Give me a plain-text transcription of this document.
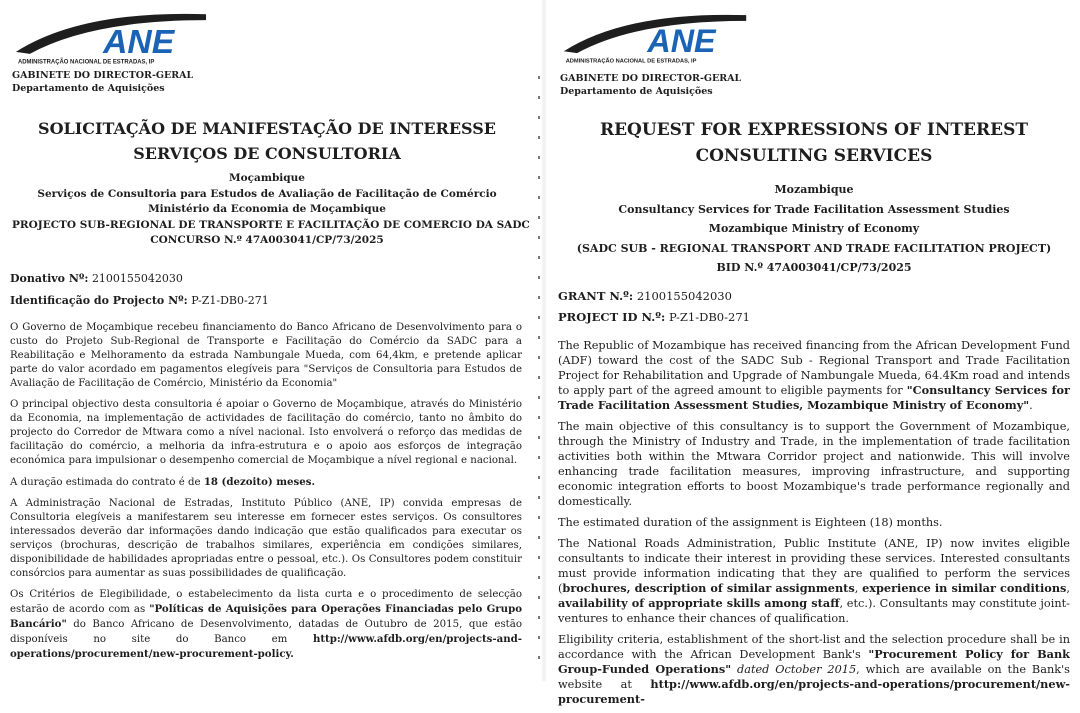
ANE
ADMINISTRAÇÃO NACIONAL DE ESTRADAS, IP
GABINETE DO DIRECTOR-GERAL
Departamento de Aquisições
SOLICITAÇÃO DE MANIFESTAÇÃO DE INTERESSE
SERVIÇOS DE CONSULTORIA
Moçambique
Serviços de Consultoria para Estudos de Avaliação de Facilitação de Comércio
Ministério da Economia de Moçambique
PROJECTO SUB-REGIONAL DE TRANSPORTE E FACILITAÇÃO DE COMERCIO DA SADC
CONCURSO N.º 47A003041/CP/73/2025
Donativo Nº: 2100155042030
Identificação do Projecto Nº: P-Z1-DB0-271

O Governo de Moçambique recebeu financiamento do Banco Africano de Desenvolvimento para o custo do Projeto Sub-Regional de Transporte e Facilitação do Comércio da SADC para a Reabilitação e Melhoramento da estrada Nambungale Mueda, com 64,4km, e pretende aplicar parte do valor acordado em pagamentos elegíveis para "Serviços de Consultoria para Estudos de Avaliação de Facilitação de Comércio, Ministério da Economia"

O principal objectivo desta consultoria é apoiar o Governo de Moçambique, através do Ministério da Economia, na implementação de actividades de facilitação do comércio, tanto no âmbito do projecto do Corredor de Mtwara como a nível nacional. Isto envolverá o reforço das medidas de facilitação do comércio, a melhoria da infra-estrutura e o apoio aos esforços de integração económica para impulsionar o desempenho comercial de Moçambique a nível regional e nacional.

A duração estimada do contrato é de 18 (dezoito) meses.

A Administração Nacional de Estradas, Instituto Público (ANE, IP) convida empresas de Consultoria elegíveis a manifestarem seu interesse em fornecer estes serviços. Os consultores interessados deverão dar informações dando indicação que estão qualificados para executar os serviços (brochuras, descrição de trabalhos similares, experiência em condições similares, disponibilidade de habilidades apropriadas entre o pessoal, etc.). Os Consultores podem constituir consórcios para aumentar as suas possibilidades de qualificação.

Os Critérios de Elegibilidade, o estabelecimento da lista curta e o procedimento de selecção estarão de acordo com as "Políticas de Aquisições para Operações Financiadas pelo Grupo Bancário" do Banco Africano de Desenvolvimento, datadas de Outubro de 2015, que estão disponíveis no site do Banco em http://www.afdb.org/en/projects-and-operations/procurement/new-procurement-policy.

ANE
ADMINISTRAÇÃO NACIONAL DE ESTRADAS, IP
GABINETE DO DIRECTOR-GERAL
Departamento de Aquisições
REQUEST FOR EXPRESSIONS OF INTEREST
CONSULTING SERVICES
Mozambique
Consultancy Services for Trade Facilitation Assessment Studies
Mozambique Ministry of Economy
(SADC SUB - REGIONAL TRANSPORT AND TRADE FACILITATION PROJECT)
BID N.º 47A003041/CP/73/2025
GRANT N.º: 2100155042030
PROJECT ID N.º: P-Z1-DB0-271

The Republic of Mozambique has received financing from the African Development Fund (ADF) toward the cost of the SADC Sub - Regional Transport and Trade Facilitation Project for Rehabilitation and Upgrade of Nambungale Mueda, 64.4Km road and intends to apply part of the agreed amount to eligible payments for "Consultancy Services for Trade Facilitation Assessment Studies, Mozambique Ministry of Economy".

The main objective of this consultancy is to support the Government of Mozambique, through the Ministry of Industry and Trade, in the implementation of trade facilitation activities both within the Mtwara Corridor project and nationwide. This will involve enhancing trade facilitation measures, improving infrastructure, and supporting economic integration efforts to boost Mozambique's trade performance regionally and domestically.

The estimated duration of the assignment is Eighteen (18) months.

The National Roads Administration, Public Institute (ANE, IP) now invites eligible consultants to indicate their interest in providing these services. Interested consultants must provide information indicating that they are qualified to perform the services (brochures, description of similar assignments, experience in similar conditions, availability of appropriate skills among staff, etc.). Consultants may constitute joint-ventures to enhance their chances of qualification.

Eligibility criteria, establishment of the short-list and the selection procedure shall be in accordance with the African Development Bank's "Procurement Policy for Bank Group-Funded Operations" dated October 2015, which are available on the Bank's website at http://www.afdb.org/en/projects-and-operations/procurement/new-procurement-
